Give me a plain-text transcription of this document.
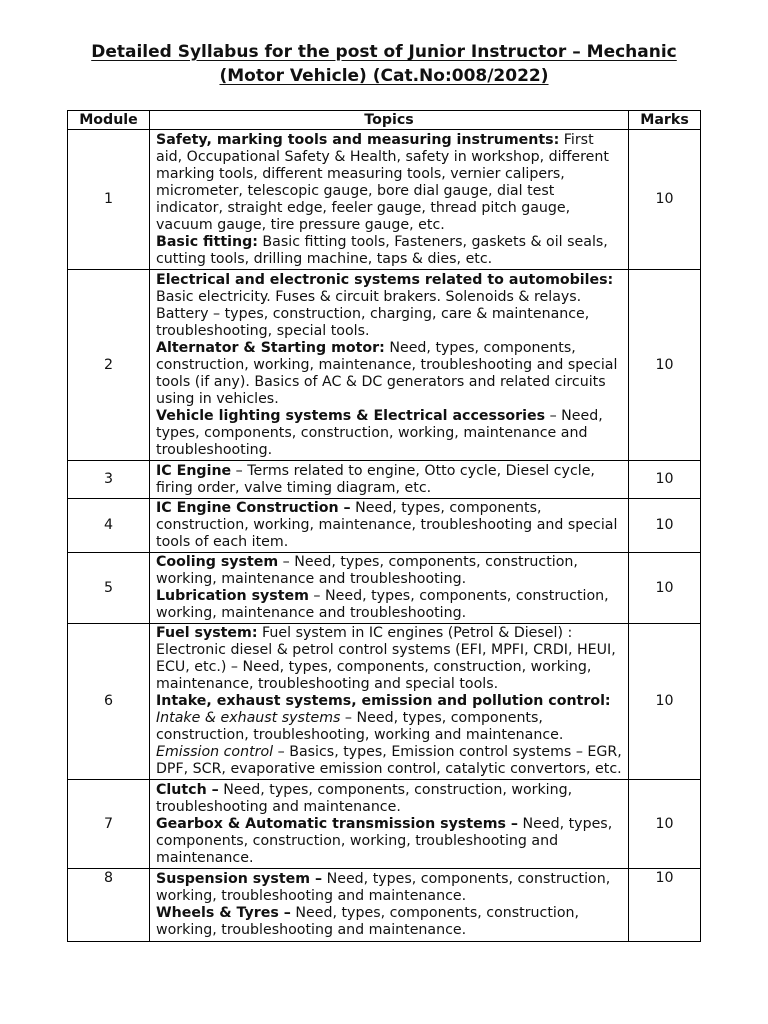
Detailed Syllabus for the post of Junior Instructor – Mechanic
(Motor Vehicle) (Cat.No:008/2022)
Module	Topics	Marks
1	Safety, marking tools and measuring instruments: First aid, Occupational Safety & Health, safety in workshop, different marking tools, different measuring tools, vernier calipers, micrometer, telescopic gauge, bore dial gauge, dial test indicator, straight edge, feeler gauge, thread pitch gauge, vacuum gauge, tire pressure gauge, etc.
Basic fitting: Basic fitting tools, Fasteners, gaskets & oil seals, cutting tools, drilling machine, taps & dies, etc.	10
2	Electrical and electronic systems related to automobiles: Basic electricity. Fuses & circuit brakers. Solenoids & relays. Battery – types, construction, charging, care & maintenance, troubleshooting, special tools.
Alternator & Starting motor: Need, types, components, construction, working, maintenance, troubleshooting and special tools (if any). Basics of AC & DC generators and related circuits using in vehicles.
Vehicle lighting systems & Electrical accessories – Need, types, components, construction, working, maintenance and troubleshooting.	10
3	IC Engine – Terms related to engine, Otto cycle, Diesel cycle, firing order, valve timing diagram, etc.	10
4	IC Engine Construction – Need, types, components, construction, working, maintenance, troubleshooting and special tools of each item.	10
5	Cooling system – Need, types, components, construction, working, maintenance and troubleshooting.
Lubrication system – Need, types, components, construction, working, maintenance and troubleshooting.	10
6	Fuel system: Fuel system in IC engines (Petrol & Diesel) : Electronic diesel & petrol control systems (EFI, MPFI, CRDI, HEUI, ECU, etc.) – Need, types, components, construction, working, maintenance, troubleshooting and special tools.
Intake, exhaust systems, emission and pollution control: Intake & exhaust systems – Need, types, components, construction, troubleshooting, working and maintenance. Emission control – Basics, types, Emission control systems – EGR, DPF, SCR, evaporative emission control, catalytic convertors, etc.	10
7	Clutch – Need, types, components, construction, working, troubleshooting and maintenance.
Gearbox & Automatic transmission systems – Need, types, components, construction, working, troubleshooting and maintenance.	10
8	Suspension system – Need, types, components, construction, working, troubleshooting and maintenance.
Wheels & Tyres – Need, types, components, construction, working, troubleshooting and maintenance.	10
